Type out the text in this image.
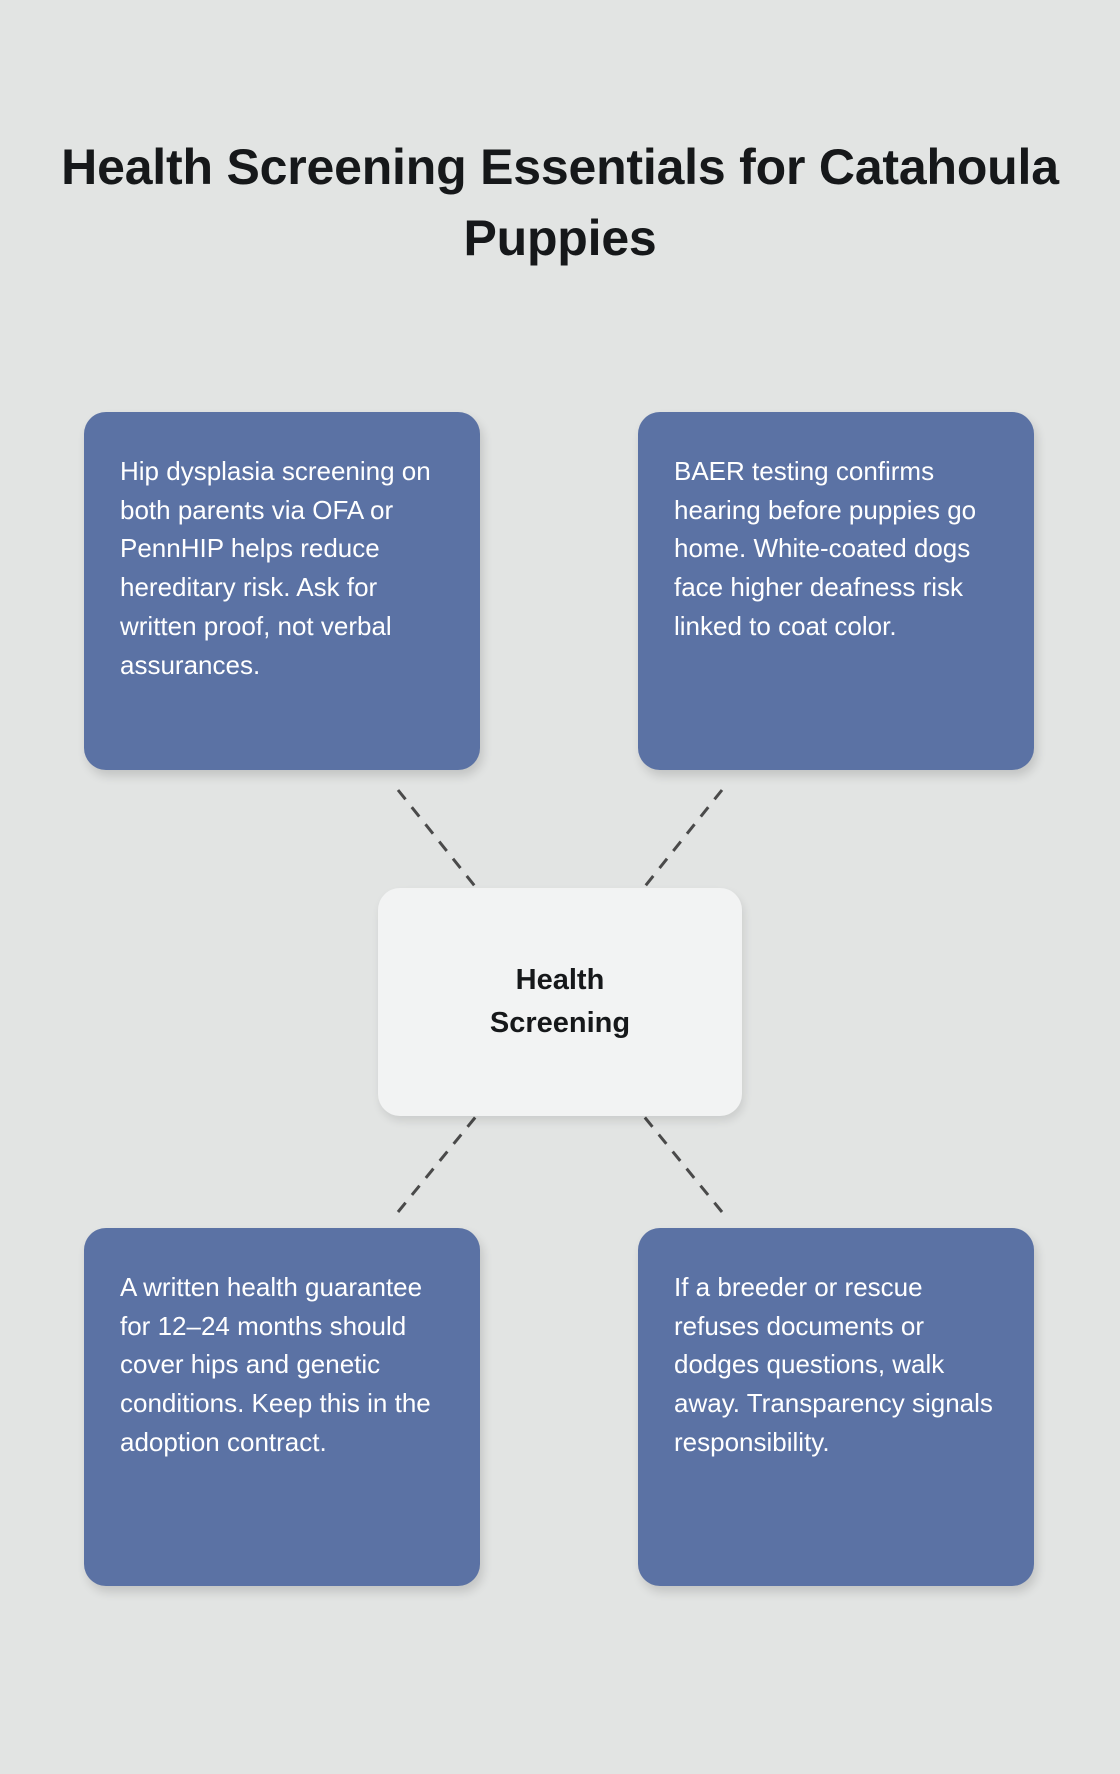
Health Screening Essentials for Catahoula Puppies
Hip dysplasia screening on both parents via OFA or PennHIP helps reduce hereditary risk. Ask for written proof, not verbal assurances.
BAER testing confirms hearing before puppies go home. White-coated dogs face higher deafness risk linked to coat color.
A written health guarantee for 12–24 months should cover hips and genetic conditions. Keep this in the adoption contract.
If a breeder or rescue refuses documents or dodges questions, walk away. Transparency signals responsibility.
Health
Screening
